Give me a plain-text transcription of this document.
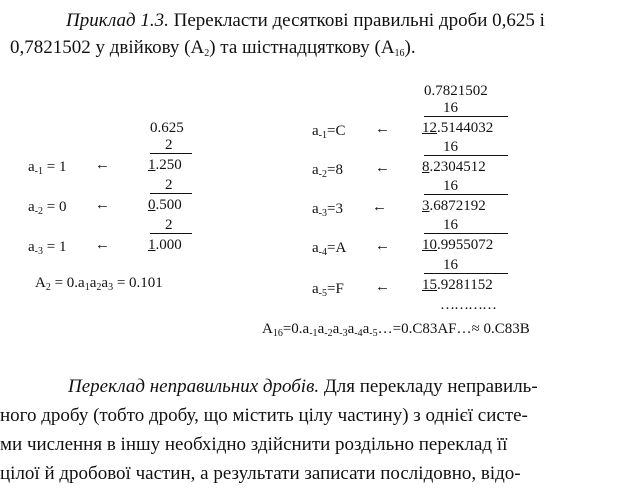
Приклад 1.3. Перекласти десяткові правильні дроби 0,625 і
0,7821502 у двійкову $(A_2)$ та шістнадцяткову $(A_{16})$.
0.625
2
1.250
2
0.500
2
1.000
$a_{-1} = 1$ ←
$a_{-2} = 0$ ←
$a_{-3} = 1$ ←
$A_2 = 0.a_1a_2a_3 = 0.101$
0.7821502
16
12.5144032
16
8.2304512
16
3.6872192
16
10.9955072
16
15.9281152
…………
$a_{-1}=C$ ←
$a_{-2}=8$ ←
$a_{-3}=3$ ←
$a_{-4}=A$ ←
$a_{-5}=F$ ←
$A_{16}=0.a_{-1}a_{-2}a_{-3}a_{-4}a_{-5}\dots=0.C83AF\dots\approx 0.C83B$
Переклад неправильних дробів. Для перекладу неправиль-
ного дробу (тобто дробу, що містить цілу частину) з однієї систе-
ми числення в іншу необхідно здійснити роздільно переклад її
цілої й дробової частин, а результати записати послідовно, відо-
